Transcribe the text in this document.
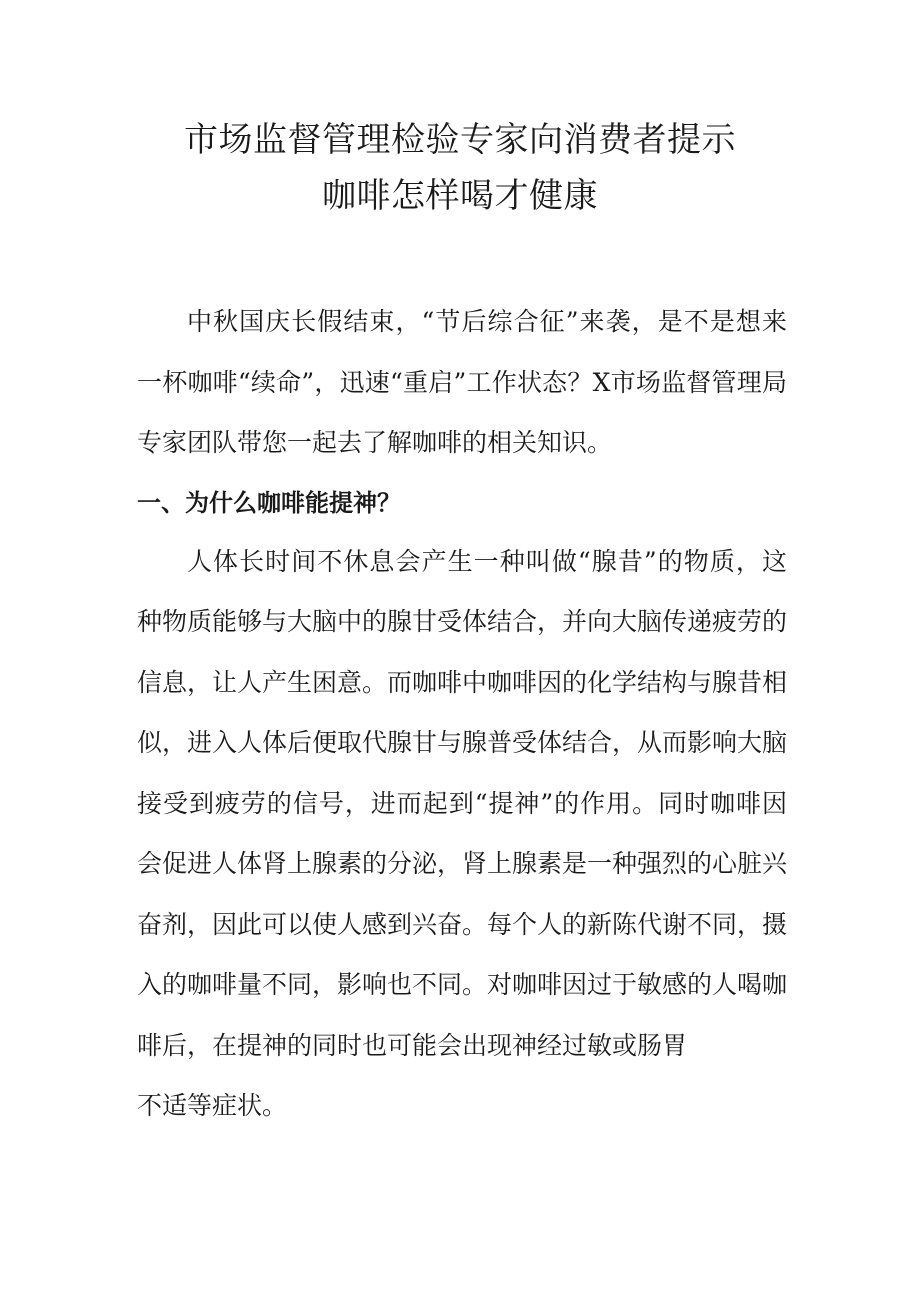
市场监督管理检验专家向消费者提示
咖啡怎样喝才健康

中秋国庆长假结束，“节后综合征”来袭，是不是想来一杯咖啡“续命”，迅速“重启”工作状态？X市场监督管理局专家团队带您一起去了解咖啡的相关知识。

一、为什么咖啡能提神？

人体长时间不休息会产生一种叫做“腺昔”的物质，这种物质能够与大脑中的腺甘受体结合，并向大脑传递疲劳的信息，让人产生困意。而咖啡中咖啡因的化学结构与腺昔相似，进入人体后便取代腺甘与腺普受体结合，从而影响大脑接受到疲劳的信号，进而起到“提神”的作用。同时咖啡因会促进人体肾上腺素的分泌，肾上腺素是一种强烈的心脏兴奋剂，因此可以使人感到兴奋。每个人的新陈代谢不同，摄入的咖啡量不同，影响也不同。对咖啡因过于敏感的人喝咖啡后，在提神的同时也可能会出现神经过敏或肠胃

不适等症状。
